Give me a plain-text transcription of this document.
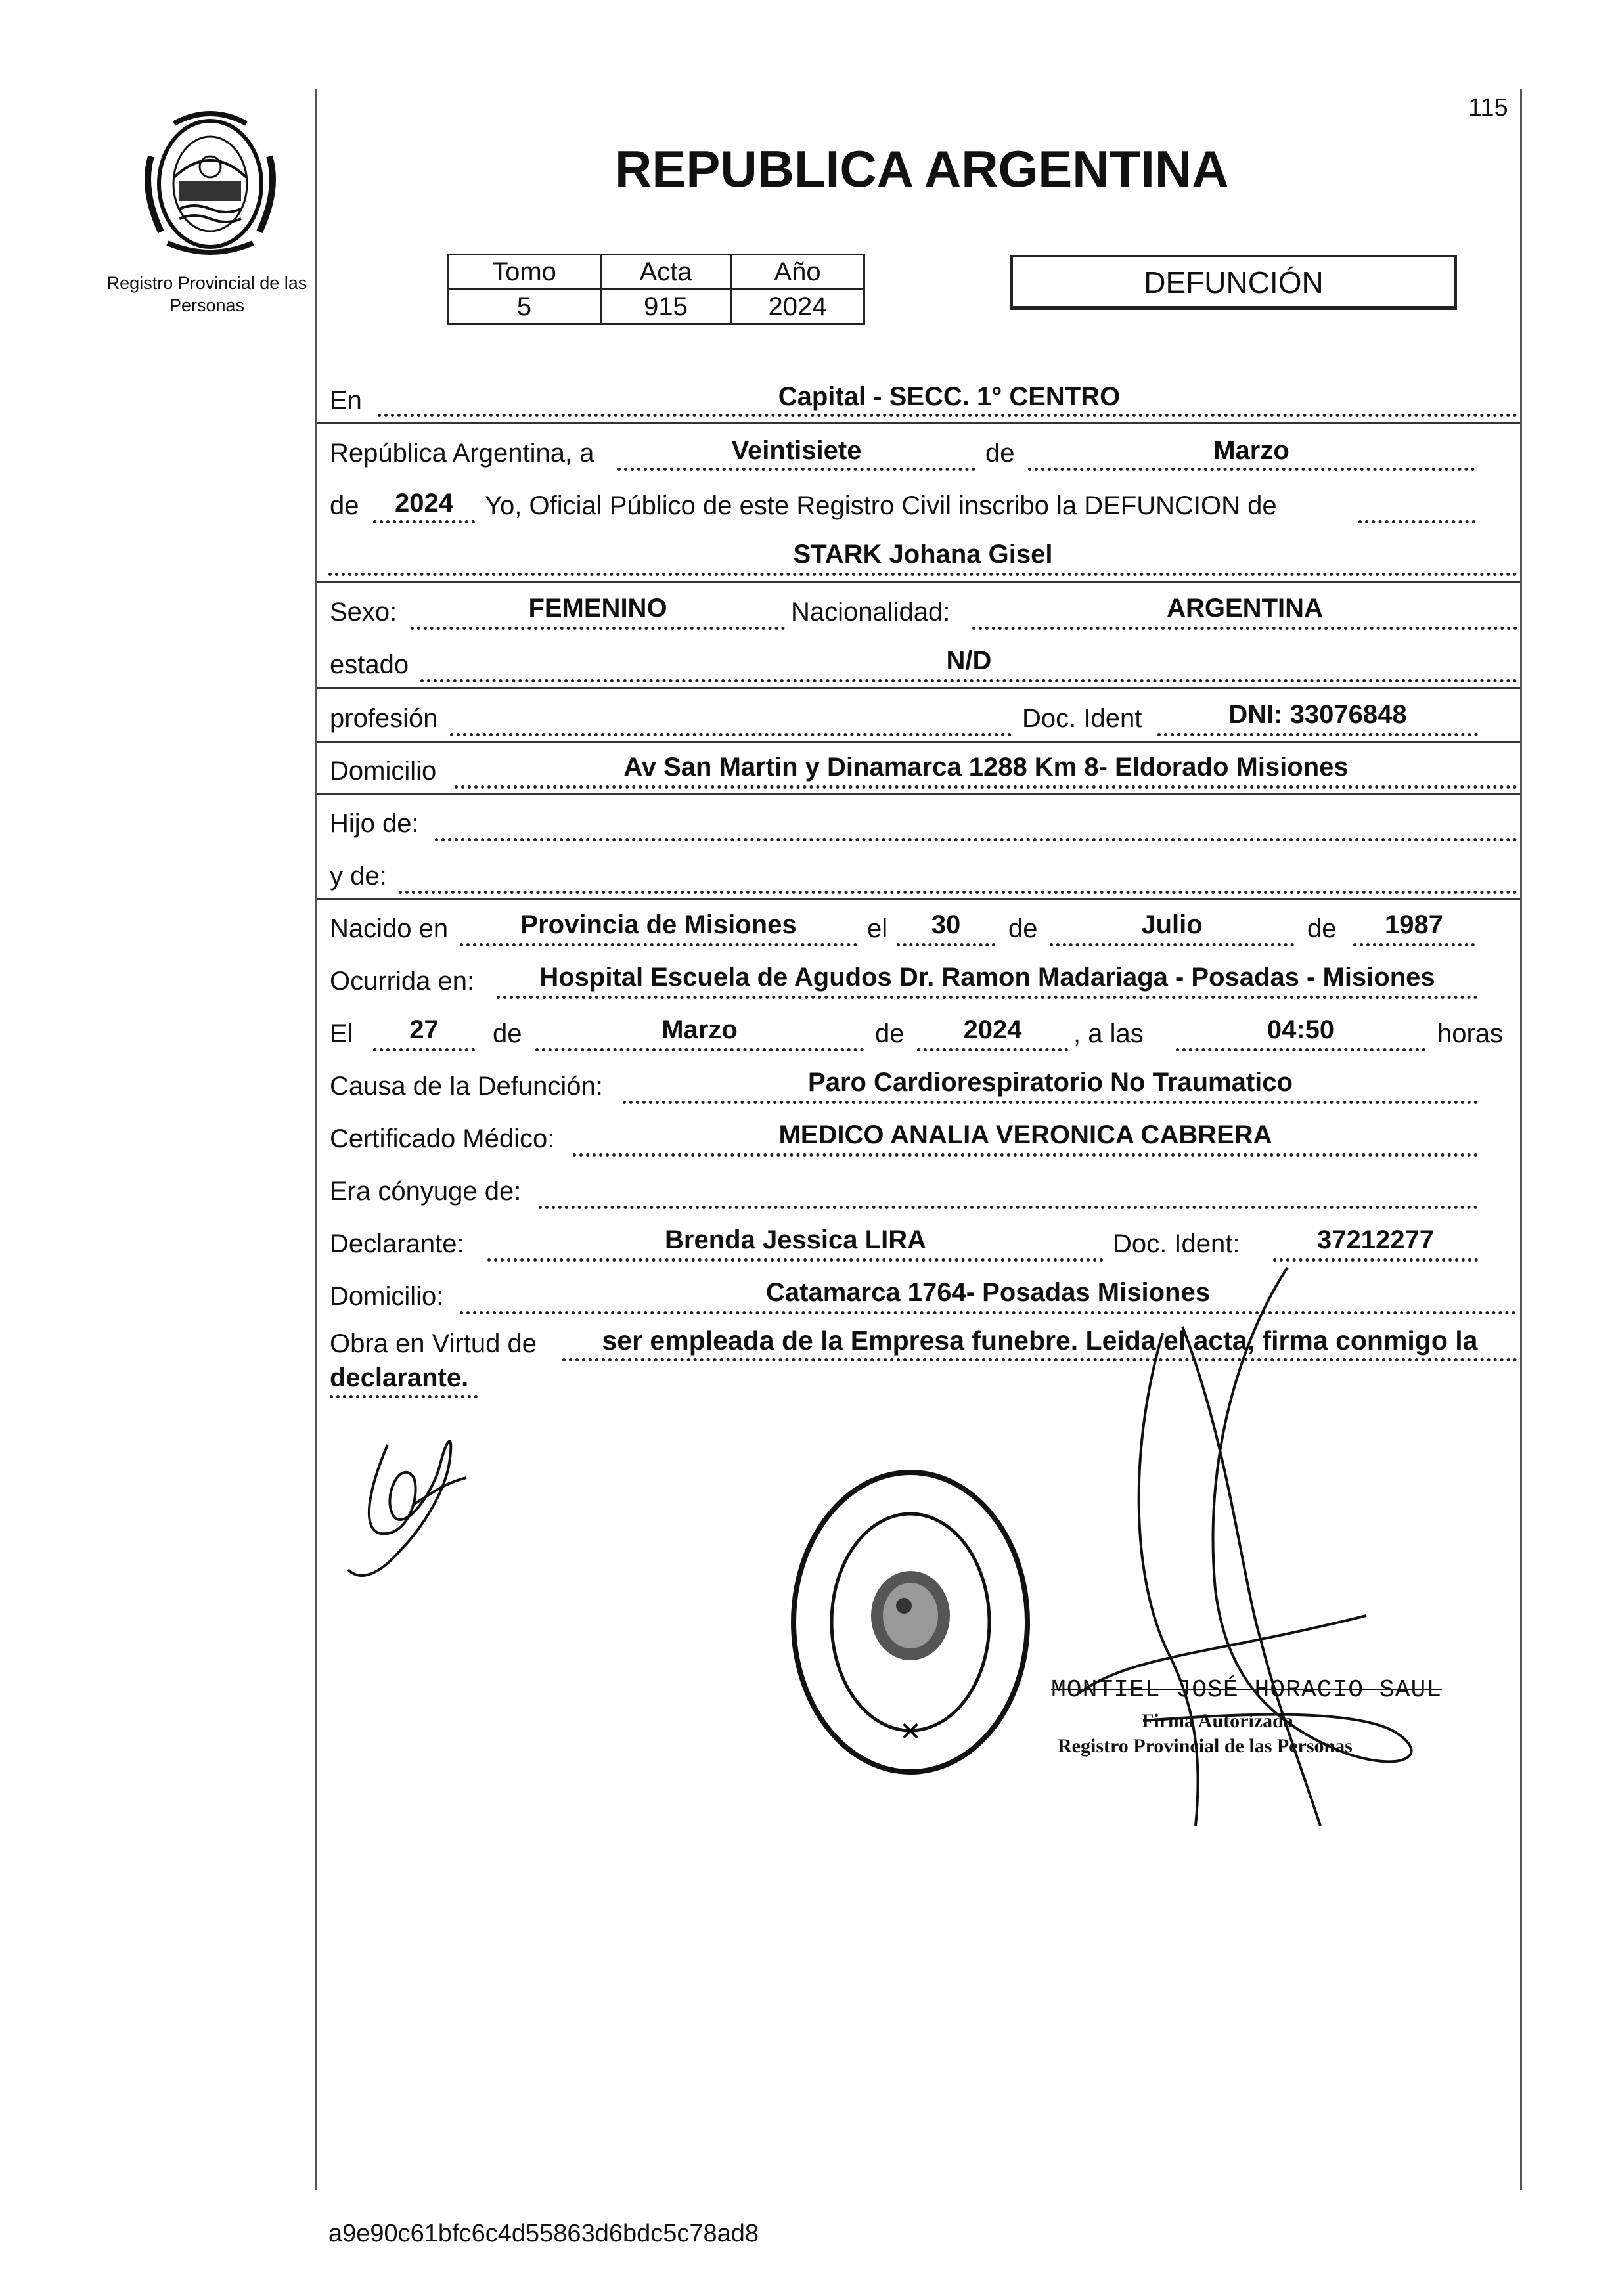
115
Registro Provincial de las Personas
REPUBLICA ARGENTINA
Tomo	Acta	Año
5	915	2024
DEFUNCIÓN
En	Capital - SECC. 1° CENTRO
República Argentina, a	Veintisiete	de	Marzo
de	2024	Yo, Oficial Público de este Registro Civil inscribo la DEFUNCION de
STARK Johana Gisel
Sexo:	FEMENINO	Nacionalidad:	ARGENTINA
estado	N/D
profesión	Doc. Ident	DNI: 33076848
Domicilio	Av San Martin y Dinamarca 1288 Km 8- Eldorado Misiones
Hijo de:
y de:
Nacido en	Provincia de Misiones	el	30	de	Julio	de	1987
Ocurrida en:	Hospital Escuela de Agudos Dr. Ramon Madariaga - Posadas - Misiones
El	27	de	Marzo	de	2024	, a las	04:50	horas
Causa de la Defunción:	Paro Cardiorespiratorio No Traumatico
Certificado Médico:	MEDICO ANALIA VERONICA CABRERA
Era cónyuge de:
Declarante:	Brenda Jessica LIRA	Doc. Ident:	37212277
Domicilio:	Catamarca 1764- Posadas Misiones
Obra en Virtud de	ser empleada de la Empresa funebre. Leida el acta, firma conmigo la
declarante.
✕
MONTIEL JOSÉ HORACIO SAUL
Firma Autorizada
Registro Provincial de las Personas
a9e90c61bfc6c4d55863d6bdc5c78ad8
